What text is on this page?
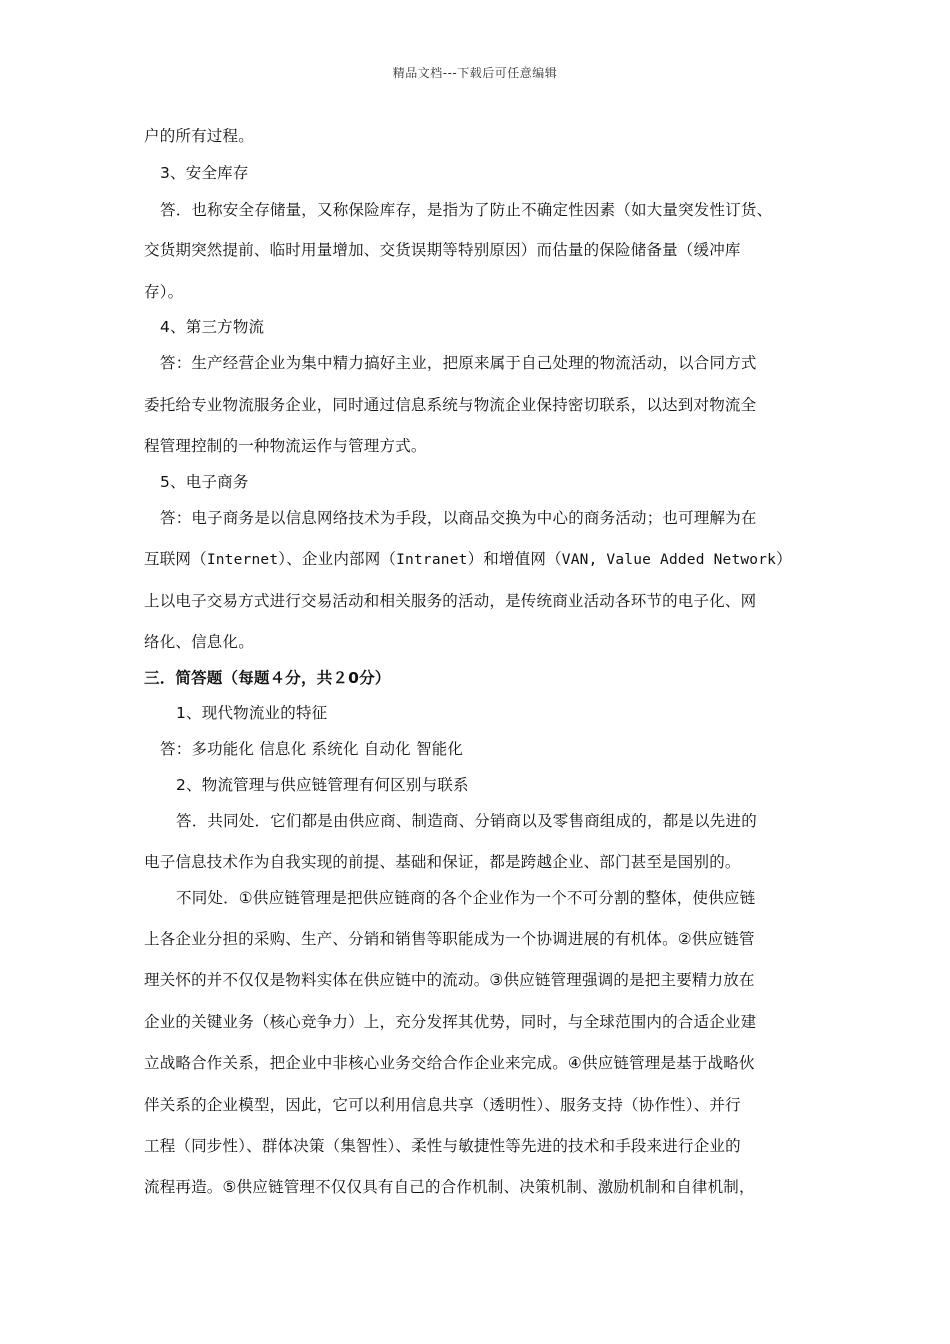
精品文档---下载后可任意编辑
户的所有过程。
3、安全库存
答．也称安全存储量，又称保险库存，是指为了防止不确定性因素（如大量突发性订货、
交货期突然提前、临时用量增加、交货误期等特别原因）而估量的保险储备量（缓冲库
存）。
4、第三方物流
答：生产经营企业为集中精力搞好主业，把原来属于自己处理的物流活动，以合同方式
委托给专业物流服务企业，同时通过信息系统与物流企业保持密切联系，以达到对物流全
程管理控制的一种物流运作与管理方式。
5、电子商务
答：电子商务是以信息网络技术为手段，以商品交换为中心的商务活动；也可理解为在
互联网（Internet）、企业内部网（Intranet）和增值网（VAN, Value Added Network）
上以电子交易方式进行交易活动和相关服务的活动，是传统商业活动各环节的电子化、网
络化、信息化。
三．简答题（每题４分，共２0分）
1、现代物流业的特征
答：多功能化 信息化 系统化 自动化 智能化
2、物流管理与供应链管理有何区别与联系
答．共同处．它们都是由供应商、制造商、分销商以及零售商组成的，都是以先进的
电子信息技术作为自我实现的前提、基础和保证，都是跨越企业、部门甚至是国别的。
不同处．①供应链管理是把供应链商的各个企业作为一个不可分割的整体，使供应链
上各企业分担的采购、生产、分销和销售等职能成为一个协调进展的有机体。②供应链管
理关怀的并不仅仅是物料实体在供应链中的流动。③供应链管理强调的是把主要精力放在
企业的关键业务（核心竞争力）上，充分发挥其优势，同时，与全球范围内的合适企业建
立战略合作关系，把企业中非核心业务交给合作企业来完成。④供应链管理是基于战略伙
伴关系的企业模型，因此，它可以利用信息共享（透明性）、服务支持（协作性）、并行
工程（同步性）、群体决策（集智性）、柔性与敏捷性等先进的技术和手段来进行企业的
流程再造。⑤供应链管理不仅仅具有自己的合作机制、决策机制、激励机制和自律机制，
